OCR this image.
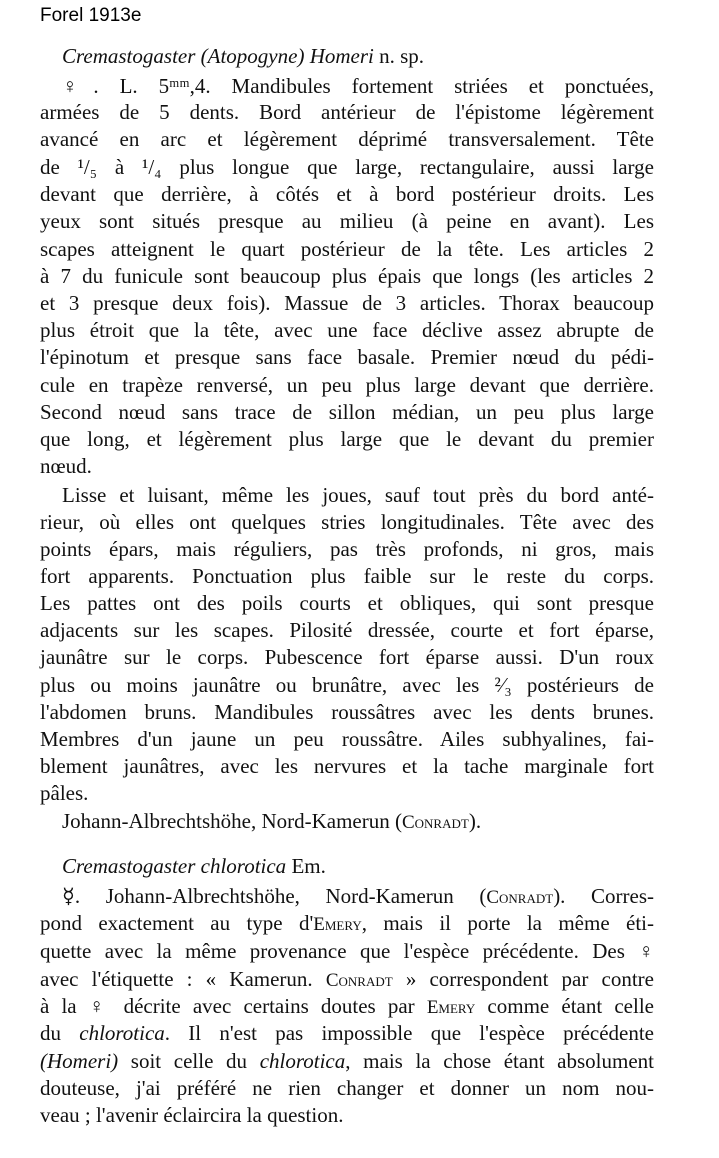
Forel 1913e
Cremastogaster (Atopogyne) Homeri n. sp.
♀. L. 5ᵐᵐ,4. Mandibules fortement striées et ponctuées,
armées de 5 dents. Bord antérieur de l'épistome légèrement
avancé en arc et légèrement déprimé transversalement. Tête
de ¹/₅ à ¹/₄ plus longue que large, rectangulaire, aussi large
devant que derrière, à côtés et à bord postérieur droits. Les
yeux sont situés presque au milieu (à peine en avant). Les
scapes atteignent le quart postérieur de la tête. Les articles 2
à 7 du funicule sont beaucoup plus épais que longs (les articles 2
et 3 presque deux fois). Massue de 3 articles. Thorax beaucoup
plus étroit que la tête, avec une face déclive assez abrupte de
l'épinotum et presque sans face basale. Premier nœud du pédi-
cule en trapèze renversé, un peu plus large devant que derrière.
Second nœud sans trace de sillon médian, un peu plus large
que long, et légèrement plus large que le devant du premier
nœud.
Lisse et luisant, même les joues, sauf tout près du bord anté-
rieur, où elles ont quelques stries longitudinales. Tête avec des
points épars, mais réguliers, pas très profonds, ni gros, mais
fort apparents. Ponctuation plus faible sur le reste du corps.
Les pattes ont des poils courts et obliques, qui sont presque
adjacents sur les scapes. Pilosité dressée, courte et fort éparse,
jaunâtre sur le corps. Pubescence fort éparse aussi. D'un roux
plus ou moins jaunâtre ou brunâtre, avec les ²⁄₃ postérieurs de
l'abdomen bruns. Mandibules roussâtres avec les dents brunes.
Membres d'un jaune un peu roussâtre. Ailes subhyalines, fai-
blement jaunâtres, avec les nervures et la tache marginale fort
pâles.
Johann-Albrechtshöhe, Nord-Kamerun (Conradt).
Cremastogaster chlorotica Em.
☿. Johann-Albrechtshöhe, Nord-Kamerun (Conradt). Corres-
pond exactement au type d'Emery, mais il porte la même éti-
quette avec la même provenance que l'espèce précédente. Des ♀
avec l'étiquette : « Kamerun. Conradt » correspondent par contre
à la ♀ décrite avec certains doutes par Emery comme étant celle
du chlorotica. Il n'est pas impossible que l'espèce précédente
(Homeri) soit celle du chlorotica, mais la chose étant absolument
douteuse, j'ai préféré ne rien changer et donner un nom nou-
veau ; l'avenir éclaircira la question.
